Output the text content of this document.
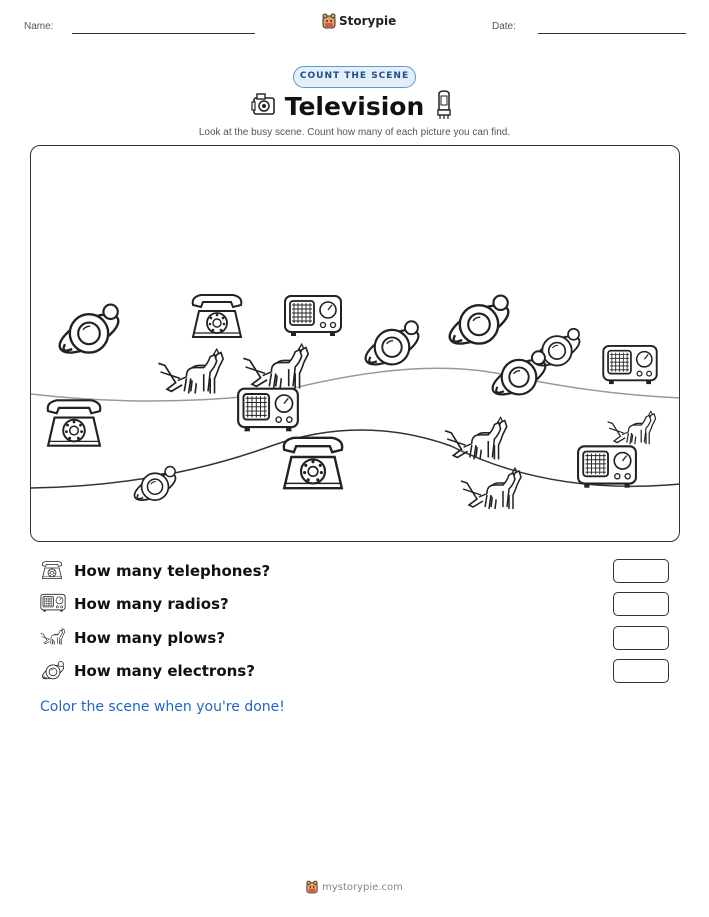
Name:	Storypie	Date:
COUNT THE SCENE
Television
Look at the busy scene. Count how many of each picture you can find.
How many telephones?
How many radios?
How many plows?
How many electrons?
Color the scene when you're done!
mystorypie.com
